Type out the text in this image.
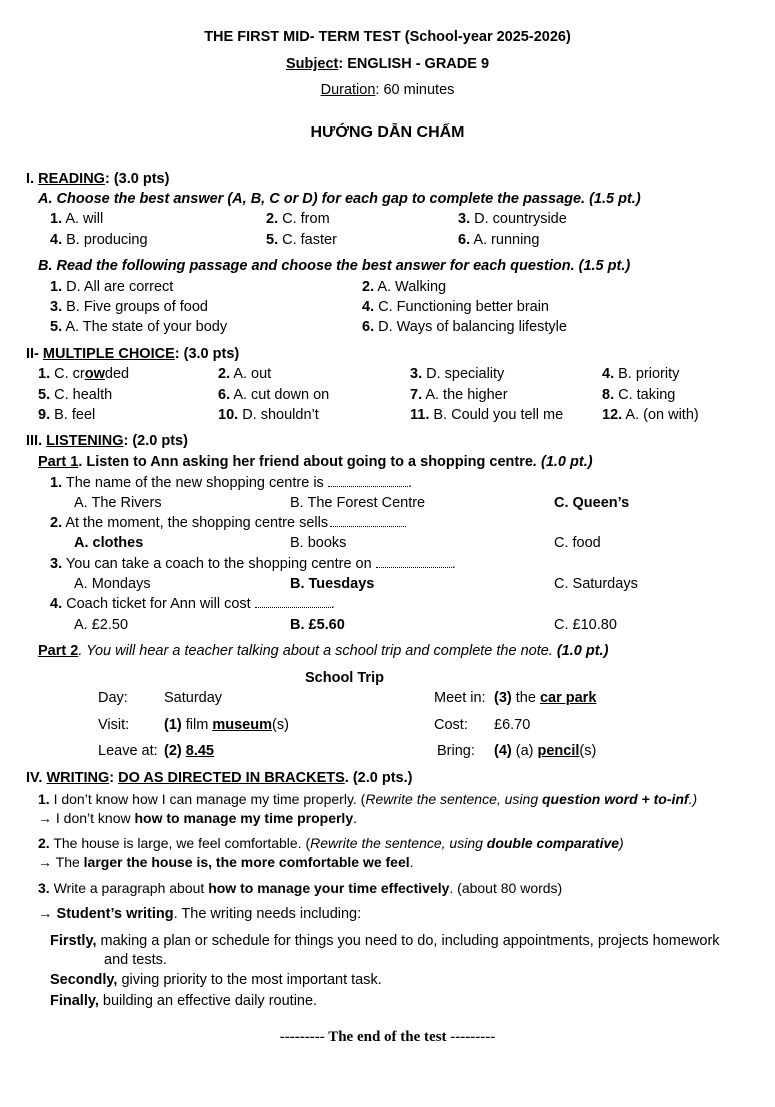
THE FIRST MID- TERM TEST (School-year 2025-2026)
Subject: ENGLISH - GRADE 9
Duration: 60 minutes
HƯỚNG DẪN CHẤM
I. READING: (3.0 pts)
A. Choose the best answer (A, B, C or D) for each gap to complete the passage. (1.5 pt.)
1. A. will	2. C. from	3. D. countryside
4. B. producing	5. C. faster	6. A. running
B. Read the following passage and choose the best answer for each question. (1.5 pt.)
1. D. All are correct	2. A. Walking
3. B. Five groups of food	4. C. Functioning better brain
5. A. The state of your body	6. D. Ways of balancing lifestyle
II- MULTIPLE CHOICE: (3.0 pts)
1. C. crowded	2. A. out	3. D. speciality	4. B. priority
5. C. health	6. A. cut down on	7. A. the higher	8. C. taking
9. B. feel	10. D. shouldn’t	11. B. Could you tell me	12. A. (on with)
III. LISTENING: (2.0 pts)
Part 1. Listen to Ann asking her friend about going to a shopping centre. (1.0 pt.)
1. The name of the new shopping centre is	.
A. The Rivers	B. The Forest Centre	C. Queen’s
2. At the moment, the shopping centre sells
A. clothes	B. books	C. food
3. You can take a coach to the shopping centre on	.
A. Mondays	B. Tuesdays	C. Saturdays
4. Coach ticket for Ann will cost	.
A. £2.50	B. £5.60	C. £10.80
Part 2. You will hear a teacher talking about a school trip and complete the note. (1.0 pt.)
School Trip
Day: Saturday	Meet in: (3) the car park
Visit: (1) film museum(s)	Cost: £6.70
Leave at: (2) 8.45	Bring: (4) (a) pencil(s)
IV. WRITING: DO AS DIRECTED IN BRACKETS. (2.0 pts.)
1. I don’t know how I can manage my time properly. (Rewrite the sentence, using question word + to-inf.)
→ I don’t know how to manage my time properly.
2. The house is large, we feel comfortable. (Rewrite the sentence, using double comparative)
→ The larger the house is, the more comfortable we feel.
3. Write a paragraph about how to manage your time effectively. (about 80 words)
→ Student’s writing. The writing needs including:
Firstly, making a plan or schedule for things you need to do, including appointments, projects homework
and tests.
Secondly, giving priority to the most important task.
Finally, building an effective daily routine.
--------- The end of the test ---------
